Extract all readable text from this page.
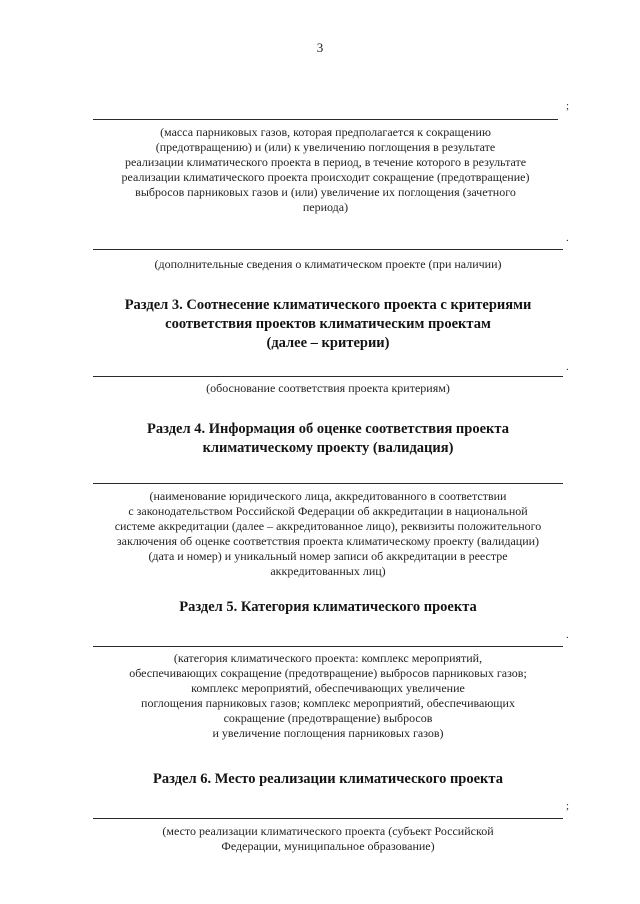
3
;
(масса парниковых газов, которая предполагается к сокращению
(предотвращению) и (или) к увеличению поглощения в результате
реализации климатического проекта в период, в течение которого в результате
реализации климатического проекта происходит сокращение (предотвращение)
выбросов парниковых газов и (или) увеличение их поглощения (зачетного
периода)
.
(дополнительные сведения о климатическом проекте (при наличии)
Раздел 3. Соотнесение климатического проекта с критериями
соответствия проектов климатическим проектам
(далее – критерии)
.
(обоснование соответствия проекта критериям)
Раздел 4. Информация об оценке соответствия проекта
климатическому проекту (валидация)
(наименование юридического лица, аккредитованного в соответствии
с законодательством Российской Федерации об аккредитации в национальной
системе аккредитации (далее – аккредитованное лицо), реквизиты положительного
заключения об оценке соответствия проекта климатическому проекту (валидации)
(дата и номер) и уникальный номер записи об аккредитации в реестре
аккредитованных лиц)
Раздел 5. Категория климатического проекта
.
(категория климатического проекта: комплекс мероприятий,
обеспечивающих сокращение (предотвращение) выбросов парниковых газов;
комплекс мероприятий, обеспечивающих увеличение
поглощения парниковых газов; комплекс мероприятий, обеспечивающих
сокращение (предотвращение) выбросов
и увеличение поглощения парниковых газов)
Раздел 6. Место реализации климатического проекта
;
(место реализации климатического проекта (субъект Российской
Федерации, муниципальное образование)
